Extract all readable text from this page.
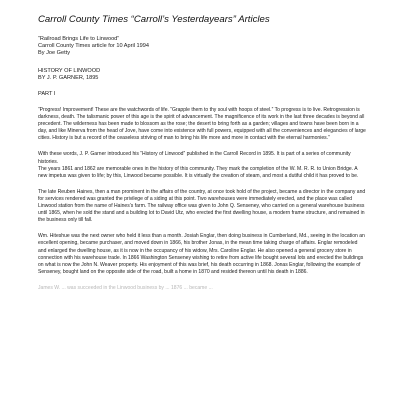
Carroll County Times “Carroll’s Yesterdayears” Articles
“Railroad Brings Life to Linwood”
Carroll County Times article for 10 April 1994
By Joe Getty
HISTORY OF LINWOOD
BY J. P. GARNER, 1895
PART I

“Progress! Improvement! These are the watchwords of life. “Grapple them to thy soul with hoops of steel.” To progress is to live. Retrogression is darkness, death. The talismanic power of this age is the spirit of advancement. The magnificence of its work in the last three decades is beyond all precedent. The wilderness has been made to blossom as the rose; the desert to bring forth as a garden; villages and towns have been born in a day, and like Minerva from the head of Jove, have come into existence with full powers, equipped with all the conveniences and elegancies of large cities. History is but a record of the ceaseless striving of man to bring his life more and more in contact with the eternal harmonies.”

With these words, J. P. Garner introduced his “History of Linwood” published in the Carroll Record in 1895. It is part of a series of community histories.

The years 1861 and 1862 are memorable ones in the history of this community. They mark the completion of the W. M. R. R. to Union Bridge. A new impetus was given to life; by this, Linwood became possible. It is virtually the creation of steam, and most a dutiful child it has proved to be.

The late Reuben Haines, then a man prominent in the affairs of the country, at once took hold of the project, became a director in the company and for services rendered was granted the privilege of a siding at this point. Two warehouses were immediately erected, and the place was called Linwood station from the name of Haines’s farm. The railway office was given to John Q. Senseney, who carried on a general warehouse business until 1865, when he sold the stand and a building lot to David Utz, who erected the first dwelling house, a modern frame structure, and remained in the business only till fall.

Wm. Hiteshue was the next owner who held it less than a month. Josiah Englar, then doing business in Cumberland, Md., seeing in the location an excellent opening, became purchaser, and moved down in 1866, his brother Jonas, in the mean time taking charge of affairs. Englar remodeled and enlarged the dwelling house, as it is now in the occupancy of his widow, Mrs. Caroline Englar. He also opened a general grocery store in connection with his warehouse trade. In 1866 Washington Senseney wishing to retire from active life bought several lots and erected the buildings on what is now the John N. Weaver property. His enjoyment of this was brief, his death occurring in 1868. Jonas Englar, following the example of Senseney, bought land on the opposite side of the road, built a home in 1870 and resided thereon until his death in 1886.

James W. ... was succeeded in the Linwood business by ... 1876 ... became ...
